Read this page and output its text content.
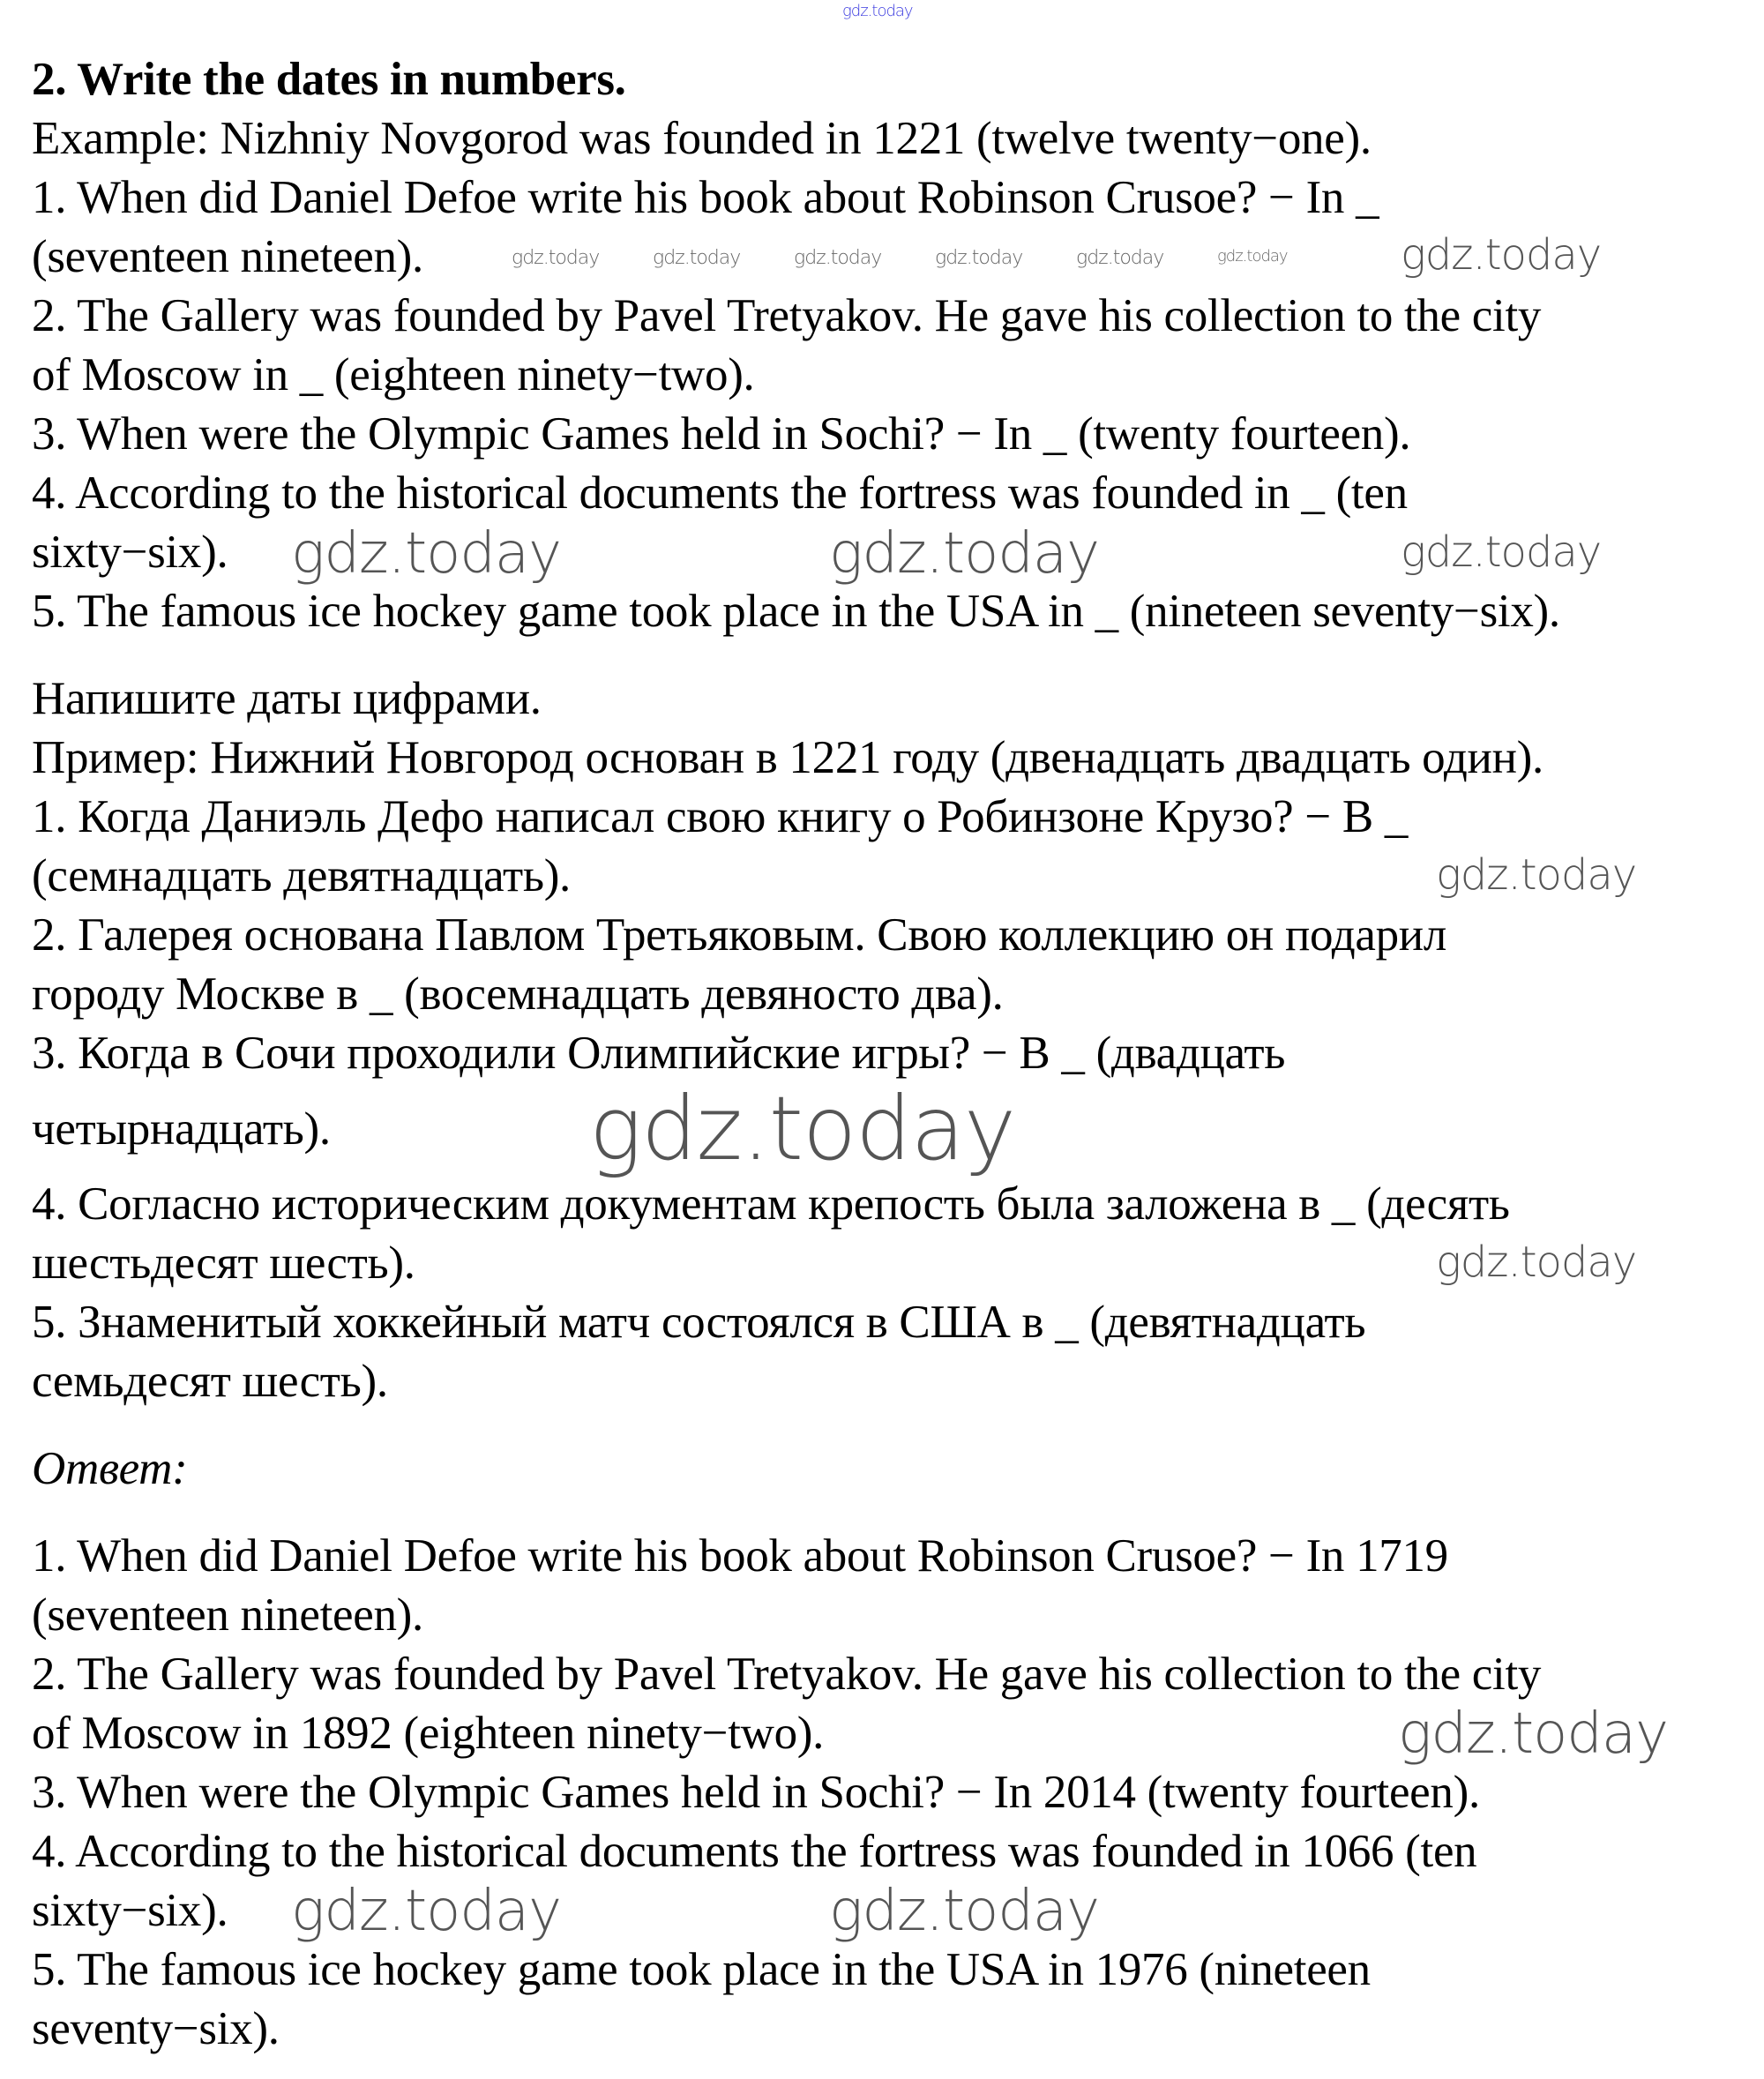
2. Write the dates in numbers.
Example: Nizhniy Novgorod was founded in 1221 (twelve twenty−one).
1. When did Daniel Defoe write his book about Robinson Crusoe? − In _
(seventeen nineteen).
2. The Gallery was founded by Pavel Tretyakov. He gave his collection to the city
of Moscow in _ (eighteen ninety−two).
3. When were the Olympic Games held in Sochi? − In _ (twenty fourteen).
4. According to the historical documents the fortress was founded in _ (ten
sixty−six).
5. The famous ice hockey game took place in the USA in _ (nineteen seventy−six).
Напишите даты цифрами.
Пример: Нижний Новгород основан в 1221 году (двенадцать двадцать один).
1. Когда Даниэль Дефо написал свою книгу о Робинзоне Крузо? − В _
(семнадцать девятнадцать).
2. Галерея основана Павлом Третьяковым. Свою коллекцию он подарил
городу Москве в _ (восемнадцать девяносто два).
3. Когда в Сочи проходили Олимпийские игры? − В _ (двадцать
четырнадцать).
4. Согласно историческим документам крепость была заложена в _ (десять
шестьдесят шесть).
5. Знаменитый хоккейный матч состоялся в США в _ (девятнадцать
семьдесят шесть).
Ответ:
1. When did Daniel Defoe write his book about Robinson Crusoe? − In 1719
(seventeen nineteen).
2. The Gallery was founded by Pavel Tretyakov. He gave his collection to the city
of Moscow in 1892 (eighteen ninety−two).
3. When were the Olympic Games held in Sochi? − In 2014 (twenty fourteen).
4. According to the historical documents the fortress was founded in 1066 (ten
sixty−six).
5. The famous ice hockey game took place in the USA in 1976 (nineteen
seventy−six).
gdz.today
gdz.today	gdz.today	gdz.today	gdz.today	gdz.today	gdz.today	gdz.today
gdz.today
gdz.today	gdz.today
gdz.today
gdz.today
gdz.today
gdz.today
gdz.today	gdz.today
